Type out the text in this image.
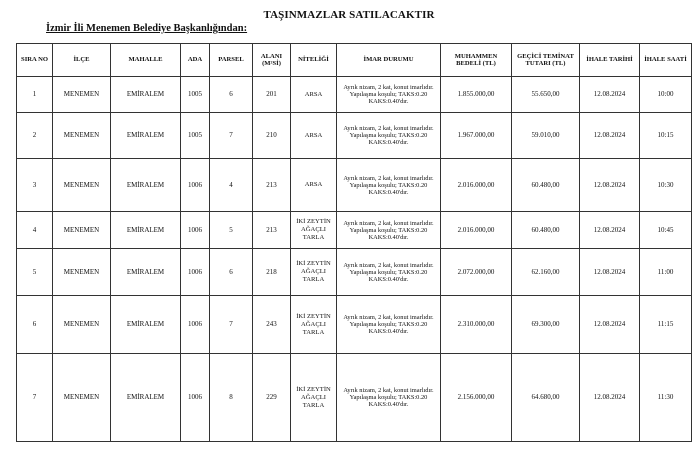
TAŞINMAZLAR SATILACAKTIR
İzmir İli Menemen Belediye Başkanlığından:
SIRA NO	İLÇE	MAHALLE	ADA	PARSEL	ALANI (M²Sİ)	NİTELİĞİ	İMAR DURUMU	MUHAMMEN BEDELİ (TL)	GEÇİCİ TEMİNAT TUTARI (TL)	İHALE TARİHİ	İHALE SAATİ
1	MENEMEN	EMİRALEM	1005	6	201	ARSA	Ayrık nizam, 2 kat, konut imarlıdır. Yapılaşma koşulu; TAKS:0.20 KAKS:0.40'dır.	1.855.000,00	55.650,00	12.08.2024	10:00
2	MENEMEN	EMİRALEM	1005	7	210	ARSA	Ayrık nizam, 2 kat, konut imarlıdır. Yapılaşma koşulu; TAKS:0.20 KAKS:0.40'dır.	1.967.000,00	59.010,00	12.08.2024	10:15
3	MENEMEN	EMİRALEM	1006	4	213	ARSA	Ayrık nizam, 2 kat, konut imarlıdır. Yapılaşma koşulu; TAKS:0.20 KAKS:0.40'dır.	2.016.000,00	60.480,00	12.08.2024	10:30
4	MENEMEN	EMİRALEM	1006	5	213	İKİ ZEYTİN AĞAÇLI TARLA	Ayrık nizam, 2 kat, konut imarlıdır. Yapılaşma koşulu; TAKS:0.20 KAKS:0.40'dır.	2.016.000,00	60.480,00	12.08.2024	10:45
5	MENEMEN	EMİRALEM	1006	6	218	İKİ ZEYTİN AĞAÇLI TARLA	Ayrık nizam, 2 kat, konut imarlıdır. Yapılaşma koşulu; TAKS:0.20 KAKS:0.40'dır.	2.072.000,00	62.160,00	12.08.2024	11:00
6	MENEMEN	EMİRALEM	1006	7	243	İKİ ZEYTİN AĞAÇLI TARLA	Ayrık nizam, 2 kat, konut imarlıdır. Yapılaşma koşulu; TAKS:0.20 KAKS:0.40'dır.	2.310.000,00	69.300,00	12.08.2024	11:15
7	MENEMEN	EMİRALEM	1006	8	229	İKİ ZEYTİN AĞAÇLI TARLA	Ayrık nizam, 2 kat, konut imarlıdır. Yapılaşma koşulu; TAKS:0.20 KAKS:0.40'dır.	2.156.000,00	64.680,00	12.08.2024	11:30
